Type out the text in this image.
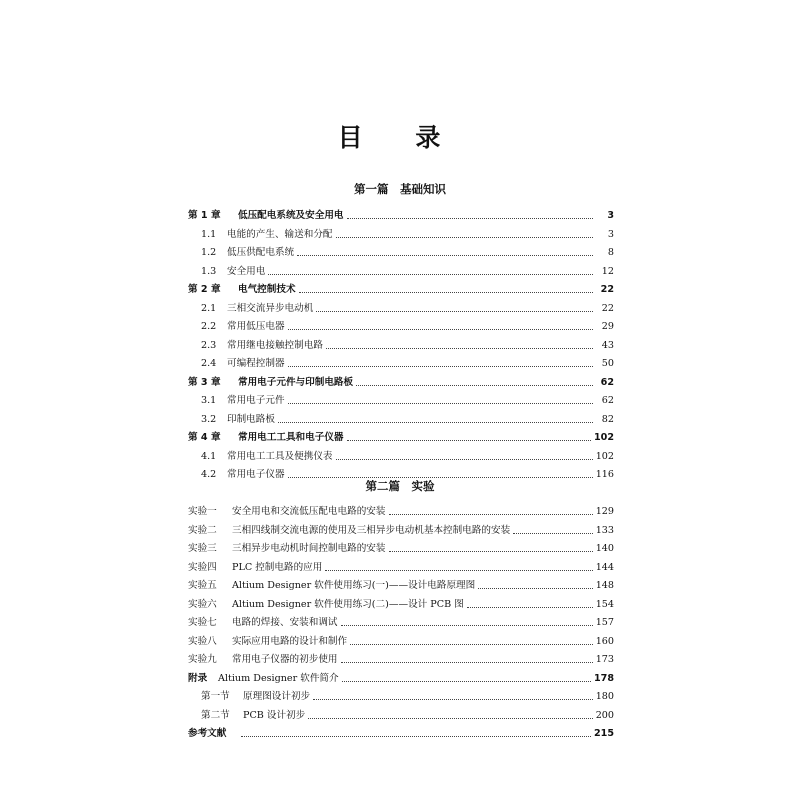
目 录
第一篇　基础知识
第 1 章	低压配电系统及安全用电	3
1.1	电能的产生、输送和分配	3
1.2	低压供配电系统	8
1.3	安全用电	12
第 2 章	电气控制技术	22
2.1	三相交流异步电动机	22
2.2	常用低压电器	29
2.3	常用继电接触控制电路	43
2.4	可编程控制器	50
第 3 章	常用电子元件与印制电路板	62
3.1	常用电子元件	62
3.2	印制电路板	82
第 4 章	常用电工工具和电子仪器	102
4.1	常用电工工具及便携仪表	102
4.2	常用电子仪器	116
第二篇　实验
实验一	安全用电和交流低压配电电路的安装	129
实验二	三相四线制交流电源的使用及三相异步电动机基本控制电路的安装	133
实验三	三相异步电动机时间控制电路的安装	140
实验四	PLC 控制电路的应用	144
实验五	Altium Designer 软件使用练习(一)——设计电路原理图	148
实验六	Altium Designer 软件使用练习(二)——设计 PCB 图	154
实验七	电路的焊接、安装和调试	157
实验八	实际应用电路的设计和制作	160
实验九	常用电子仪器的初步使用	173
附录	Altium Designer 软件简介	178
第一节	原理图设计初步	180
第二节	PCB 设计初步	200
参考文献	215
